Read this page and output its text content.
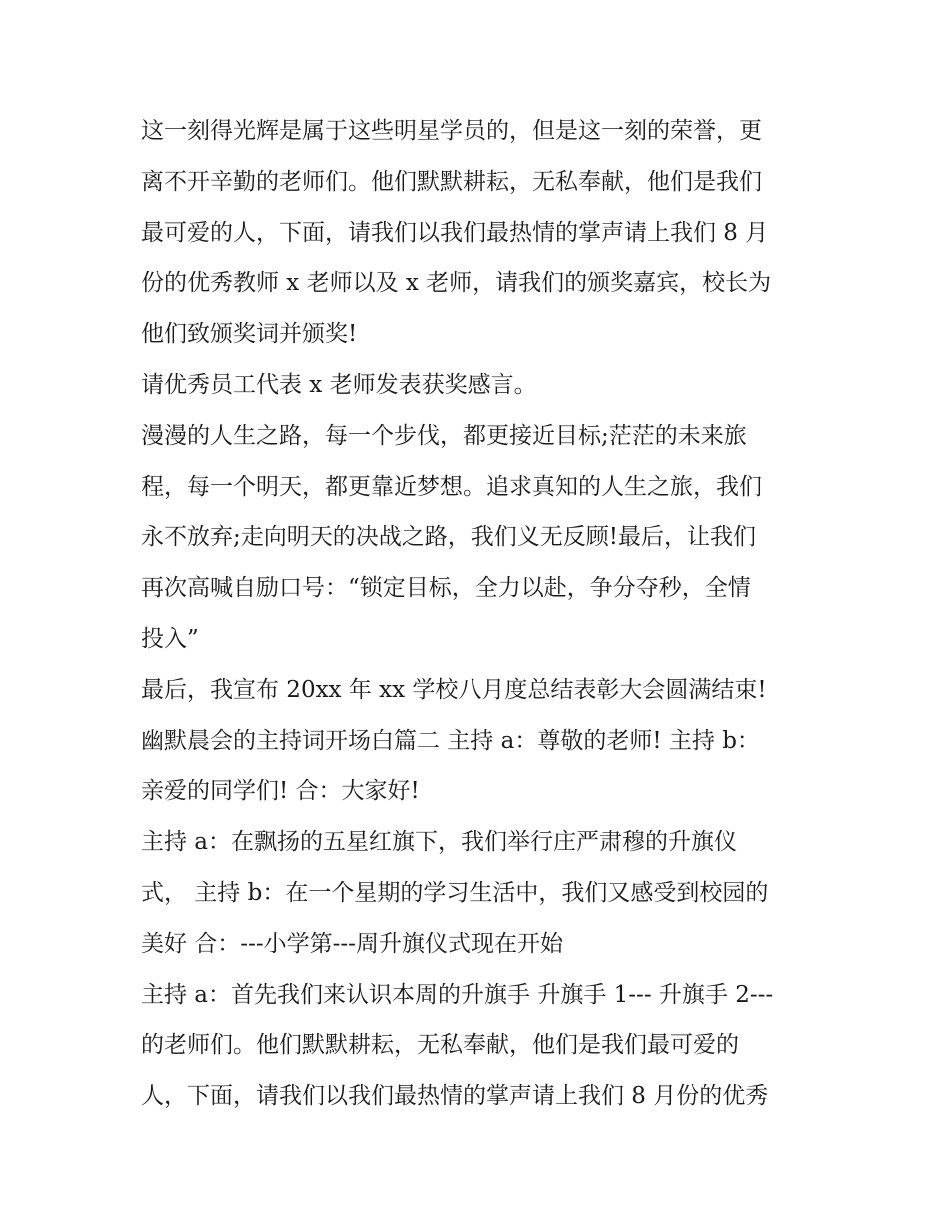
这一刻得光辉是属于这些明星学员的，但是这一刻的荣誉，更
离不开辛勤的老师们。他们默默耕耘，无私奉献，他们是我们
最可爱的人，下面，请我们以我们最热情的掌声请上我们 8 月
份的优秀教师 x 老师以及 x 老师，请我们的颁奖嘉宾，校长为
他们致颁奖词并颁奖!
请优秀员工代表 x 老师发表获奖感言。
漫漫的人生之路，每一个步伐，都更接近目标;茫茫的未来旅
程，每一个明天，都更靠近梦想。追求真知的人生之旅，我们
永不放弃;走向明天的决战之路，我们义无反顾!最后，让我们
再次高喊自励口号：“锁定目标，全力以赴，争分夺秒，全情
投入”
最后，我宣布 20xx 年 xx 学校八月度总结表彰大会圆满结束!
幽默晨会的主持词开场白篇二 主持 a：尊敬的老师! 主持 b：
亲爱的同学们! 合：大家好!
主持 a：在飘扬的五星红旗下，我们举行庄严肃穆的升旗仪
式， 主持 b：在一个星期的学习生活中，我们又感受到校园的
美好 合：---小学第---周升旗仪式现在开始
主持 a：首先我们来认识本周的升旗手 升旗手 1--- 升旗手 2---
的老师们。他们默默耕耘，无私奉献，他们是我们最可爱的
人，下面，请我们以我们最热情的掌声请上我们 8 月份的优秀
